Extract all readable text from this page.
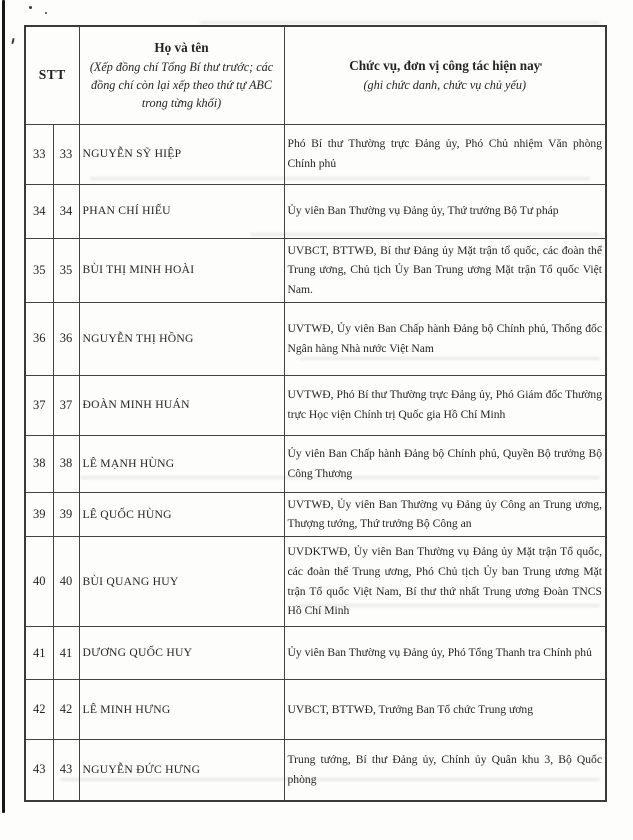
STT	
Họ và tên
(Xếp đồng chí Tổng Bí thư trước; các đồng chí còn lại xếp theo thứ tự ABC trong từng khối)

Chức vụ, đơn vị công tác hiện nay
(ghi chức danh, chức vụ chủ yếu)

33	33	NGUYỄN SỸ HIỆP	Phó Bí thư Thường trực Đảng ủy, Phó Chủ nhiệm Văn phòng Chính phủ
34	34	PHAN CHÍ HIẾU	Ủy viên Ban Thường vụ Đảng ủy, Thứ trưởng Bộ Tư pháp
35	35	BÙI THỊ MINH HOÀI	UVBCT, BTTWĐ, Bí thư Đảng ủy Mặt trận tổ quốc, các đoàn thể Trung ương, Chủ tịch Ủy Ban Trung ương Mặt trận Tổ quốc Việt Nam.
36	36	NGUYỄN THỊ HỒNG	UVTWĐ, Ủy viên Ban Chấp hành Đảng bộ Chính phủ, Thống đốc Ngân hàng Nhà nước Việt Nam
37	37	ĐOÀN MINH HUÁN	UVTWĐ, Phó Bí thư Thường trực Đảng ủy, Phó Giám đốc Thường trực Học viện Chính trị Quốc gia Hồ Chí Minh
38	38	LÊ MẠNH HÙNG	Ủy viên Ban Chấp hành Đảng bộ Chính phủ, Quyền Bộ trưởng Bộ Công Thương
39	39	LÊ QUỐC HÙNG	UVTWĐ, Ủy viên Ban Thường vụ Đảng ủy Công an Trung ương, Thượng tướng, Thứ trưởng Bộ Công an
40	40	BÙI QUANG HUY	UVDKTWĐ, Ủy viên Ban Thường vụ Đảng ủy Mặt trận Tổ quốc, các đoàn thể Trung ương, Phó Chủ tịch Ủy ban Trung ương Mặt trận Tổ quốc Việt Nam, Bí thư thứ nhất Trung ương Đoàn TNCS Hồ Chí Minh
41	41	DƯƠNG QUỐC HUY	Ủy viên Ban Thường vụ Đảng ủy, Phó Tổng Thanh tra Chính phủ
42	42	LÊ MINH HƯNG	UVBCT, BTTWĐ, Trưởng Ban Tổ chức Trung ương
43	43	NGUYỄN ĐỨC HƯNG	Trung tướng, Bí thư Đảng ủy, Chính ủy Quân khu 3, Bộ Quốc phòng
